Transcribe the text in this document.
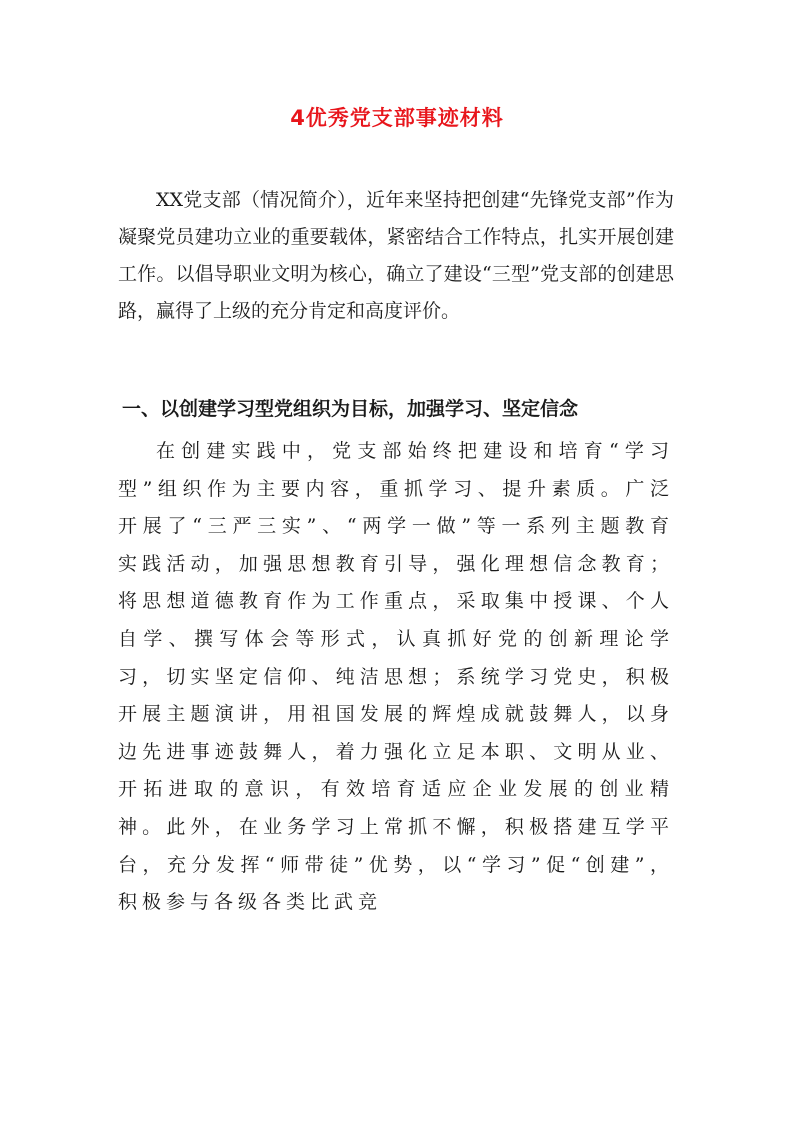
4优秀党支部事迹材料

XX党支部（情况简介），近年来坚持把创建“先锋党支部”作为凝聚党员建功立业的重要载体，紧密结合工作特点，扎实开展创建工作。以倡导职业文明为核心，确立了建设“三型”党支部的创建思路，赢得了上级的充分肯定和高度评价。

一、以创建学习型党组织为目标，加强学习、坚定信念

在创建实践中，党支部始终把建设和培育“学习型”组织作为主要内容，重抓学习、提升素质。广泛开展了“三严三实”、“两学一做”等一系列主题教育实践活动，加强思想教育引导，强化理想信念教育；将思想道德教育作为工作重点，采取集中授课、个人自学、撰写体会等形式，认真抓好党的创新理论学习，切实坚定信仰、纯洁思想；系统学习党史，积极开展主题演讲，用祖国发展的辉煌成就鼓舞人，以身边先进事迹鼓舞人，着力强化立足本职、文明从业、开拓进取的意识，有效培育适应企业发展的创业精神。此外，在业务学习上常抓不懈，积极搭建互学平台，充分发挥“师带徒”优势，以“学习”促“创建”，积极参与各级各类比武竞
